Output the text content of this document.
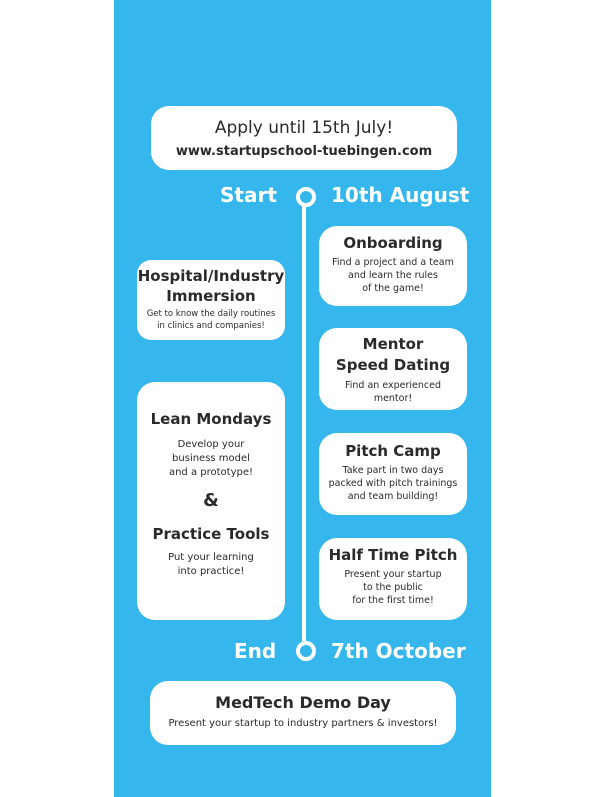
Apply until 15th July!
www.startupschool-tuebingen.com
Start	10th August
End	7th October
Hospital/Industry
Immersion
Get to know the daily routines
in clinics and companies!
Lean Mondays
Develop your
business model
and a prototype!
&
Practice Tools
Put your learning
into practice!
Onboarding
Find a project and a team
and learn the rules
of the game!
Mentor
Speed Dating
Find an experienced
mentor!
Pitch Camp
Take part in two days
packed with pitch trainings
and team building!
Half Time Pitch
Present your startup
to the public
for the first time!
MedTech Demo Day
Present your startup to industry partners & investors!
